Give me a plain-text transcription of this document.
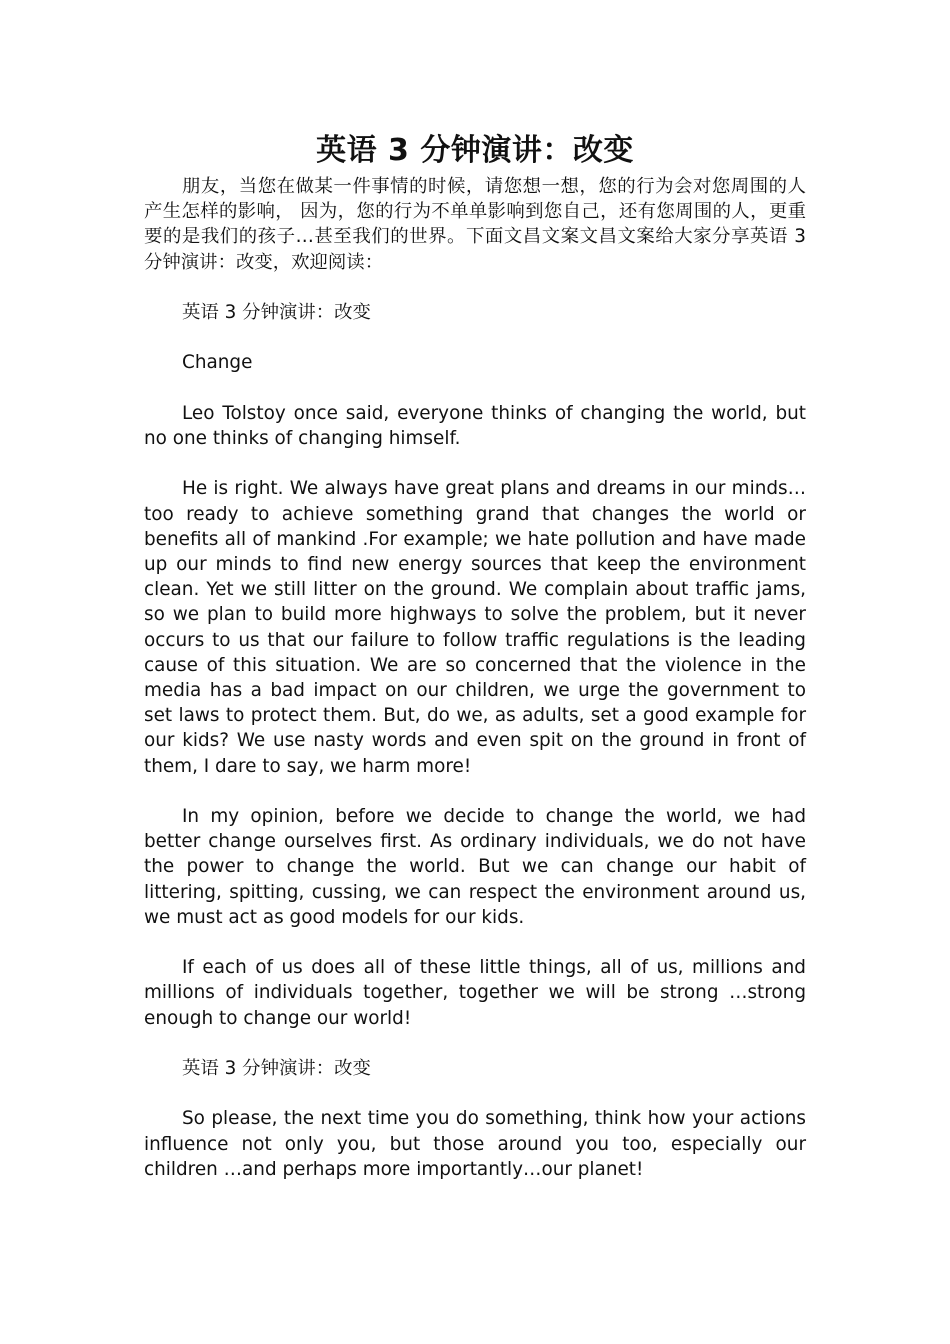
英语 3 分钟演讲：改变

朋友，当您在做某一件事情的时候，请您想一想，您的行为会对您周围的人产生怎样的影响， 因为，您的行为不单单影响到您自己，还有您周围的人，更重要的是我们的孩子…甚至我们的世界。下面文昌文案文昌文案给大家分享英语 3 分钟演讲：改变，欢迎阅读：

英语 3 分钟演讲：改变

Change

Leo Tolstoy once said, everyone thinks of changing the world, but no one thinks of changing himself.

He is right. We always have great plans and dreams in our minds…too ready to achieve something grand that changes the world or benefits all of mankind .For example; we hate pollution and have made up our minds to find new energy sources that keep the environment clean. Yet we still litter on the ground. We complain about traffic jams, so we plan to build more highways to solve the problem, but it never occurs to us that our failure to follow traffic regulations is the leading cause of this situation. We are so concerned that the violence in the media has a bad impact on our children, we urge the government to set laws to protect them. But, do we, as adults, set a good example for our kids? We use nasty words and even spit on the ground in front of them, I dare to say, we harm more!

In my opinion, before we decide to change the world, we had better change ourselves first. As ordinary individuals, we do not have the power to change the world. But we can change our habit of littering, spitting, cussing, we can respect the environment around us, we must act as good models for our kids.

If each of us does all of these little things, all of us, millions and millions of individuals together, together we will be strong …strong enough to change our world!

英语 3 分钟演讲：改变

So please, the next time you do something, think how your actions influence not only you, but those around you too, especially our children …and perhaps more importantly…our planet!
